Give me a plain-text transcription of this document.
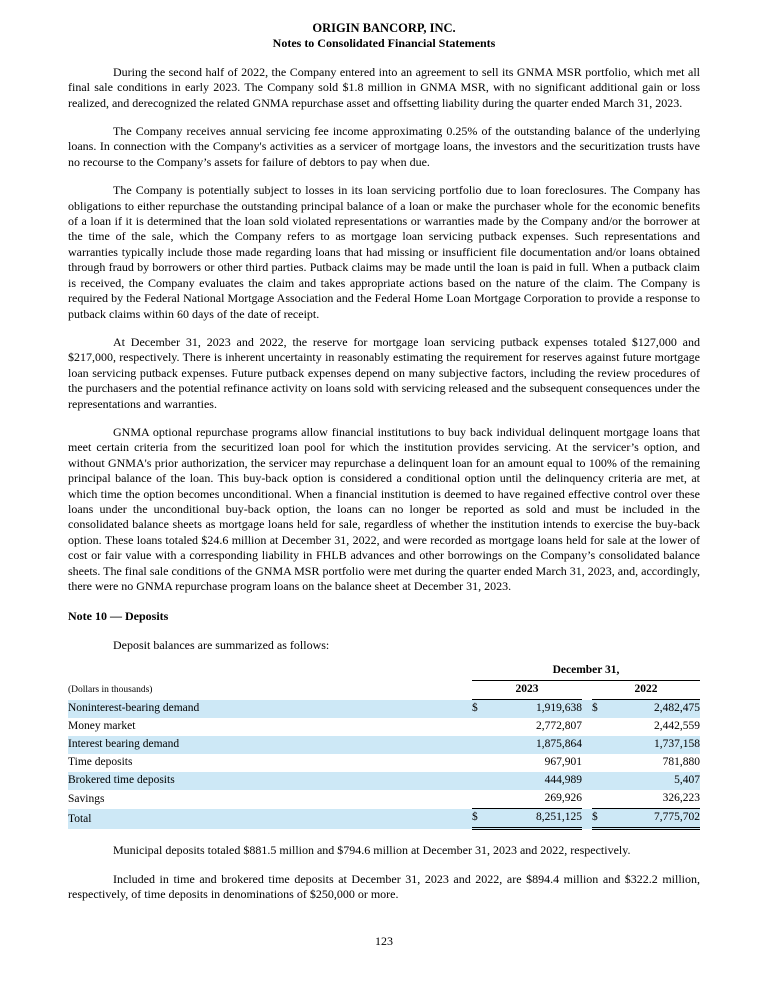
ORIGIN BANCORP, INC.
Notes to Consolidated Financial Statements

During the second half of 2022, the Company entered into an agreement to sell its GNMA MSR portfolio, which met all final sale conditions in early 2023. The Company sold $1.8 million in GNMA MSR, with no significant additional gain or loss realized, and derecognized the related GNMA repurchase asset and offsetting liability during the quarter ended March 31, 2023.

The Company receives annual servicing fee income approximating 0.25% of the outstanding balance of the underlying loans. In connection with the Company's activities as a servicer of mortgage loans, the investors and the securitization trusts have no recourse to the Company’s assets for failure of debtors to pay when due.

The Company is potentially subject to losses in its loan servicing portfolio due to loan foreclosures. The Company has obligations to either repurchase the outstanding principal balance of a loan or make the purchaser whole for the economic benefits of a loan if it is determined that the loan sold violated representations or warranties made by the Company and/or the borrower at the time of the sale, which the Company refers to as mortgage loan servicing putback expenses. Such representations and warranties typically include those made regarding loans that had missing or insufficient file documentation and/or loans obtained through fraud by borrowers or other third parties. Putback claims may be made until the loan is paid in full. When a putback claim is received, the Company evaluates the claim and takes appropriate actions based on the nature of the claim. The Company is required by the Federal National Mortgage Association and the Federal Home Loan Mortgage Corporation to provide a response to putback claims within 60 days of the date of receipt.

At December 31, 2023 and 2022, the reserve for mortgage loan servicing putback expenses totaled $127,000 and $217,000, respectively. There is inherent uncertainty in reasonably estimating the requirement for reserves against future mortgage loan servicing putback expenses. Future putback expenses depend on many subjective factors, including the review procedures of the purchasers and the potential refinance activity on loans sold with servicing released and the subsequent consequences under the representations and warranties.

GNMA optional repurchase programs allow financial institutions to buy back individual delinquent mortgage loans that meet certain criteria from the securitized loan pool for which the institution provides servicing. At the servicer’s option, and without GNMA's prior authorization, the servicer may repurchase a delinquent loan for an amount equal to 100% of the remaining principal balance of the loan. This buy-back option is considered a conditional option until the delinquency criteria are met, at which time the option becomes unconditional. When a financial institution is deemed to have regained effective control over these loans under the unconditional buy-back option, the loans can no longer be reported as sold and must be included in the consolidated balance sheets as mortgage loans held for sale, regardless of whether the institution intends to exercise the buy-back option. These loans totaled $24.6 million at December 31, 2022, and were recorded as mortgage loans held for sale at the lower of cost or fair value with a corresponding liability in FHLB advances and other borrowings on the Company’s consolidated balance sheets. The final sale conditions of the GNMA MSR portfolio were met during the quarter ended March 31, 2023, and, accordingly, there were no GNMA repurchase program loans on the balance sheet at December 31, 2023.

Note 10 — Deposits

Deposit balances are summarized as follows:

	December 31,				
(Dollars in thousands)	2023			2022	
Noninterest-bearing demand	$	1,919,638		$	2,482,475
Money market		2,772,807			2,442,559
Interest bearing demand		1,875,864			1,737,158
Time deposits		967,901			781,880
Brokered time deposits		444,989			5,407
Savings		269,926			326,223
Total	$	8,251,125		$	7,775,702

Municipal deposits totaled $881.5 million and $794.6 million at December 31, 2023 and 2022, respectively.

Included in time and brokered time deposits at December 31, 2023 and 2022, are $894.4 million and $322.2 million, respectively, of time deposits in denominations of $250,000 or more.

123
